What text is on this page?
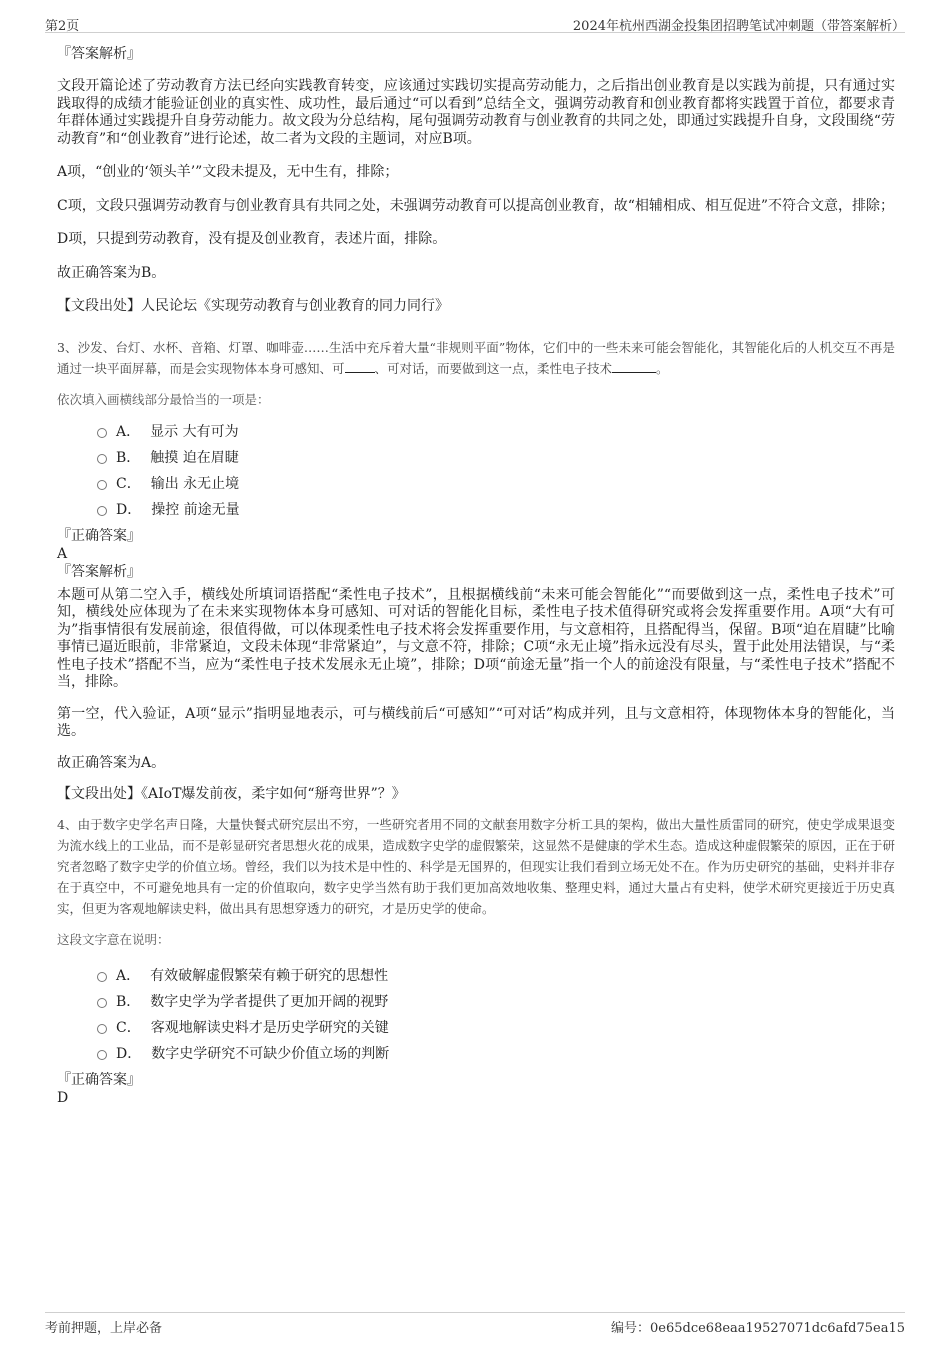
第2页	2024年杭州西湖金投集团招聘笔试冲刺题（带答案解析）

『答案解析』

文段开篇论述了劳动教育方法已经向实践教育转变，应该通过实践切实提高劳动能力，之后指出创业教育是以实践为前提，只有通过实践取得的成绩才能验证创业的真实性、成功性，最后通过“可以看到”总结全文，强调劳动教育和创业教育都将实践置于首位，都要求青年群体通过实践提升自身劳动能力。故文段为分总结构，尾句强调劳动教育与创业教育的共同之处，即通过实践提升自身，文段围绕“劳动教育”和“创业教育”进行论述，故二者为文段的主题词，对应B项。

A项，“创业的‘领头羊’”文段未提及，无中生有，排除；

C项，文段只强调劳动教育与创业教育具有共同之处，未强调劳动教育可以提高创业教育，故“相辅相成、相互促进”不符合文意，排除；

D项，只提到劳动教育，没有提及创业教育，表述片面，排除。

故正确答案为B。

【文段出处】人民论坛《实现劳动教育与创业教育的同力同行》

3、沙发、台灯、水杯、音箱、灯罩、咖啡壶……生活中充斥着大量“非规则平面”物体，它们中的一些未来可能会智能化，其智能化后的人机交互不再是通过一块平面屏幕，而是会实现物体本身可感知、可 、可对话，而要做到这一点，柔性电子技术	。

依次填入画横线部分最恰当的一项是：

A． 显示 大有可为
B． 触摸 迫在眉睫
C． 输出 永无止境
D． 操控 前途无量

『正确答案』

A

『答案解析』

本题可从第二空入手，横线处所填词语搭配“柔性电子技术”，且根据横线前“未来可能会智能化”“而要做到这一点，柔性电子技术”可知，横线处应体现为了在未来实现物体本身可感知、可对话的智能化目标，柔性电子技术值得研究或将会发挥重要作用。A项“大有可为”指事情很有发展前途，很值得做，可以体现柔性电子技术将会发挥重要作用，与文意相符，且搭配得当，保留。B项“迫在眉睫”比喻事情已逼近眼前，非常紧迫，文段未体现“非常紧迫”，与文意不符，排除；C项“永无止境”指永远没有尽头，置于此处用法错误，与“柔性电子技术”搭配不当，应为“柔性电子技术发展永无止境”，排除；D项“前途无量”指一个人的前途没有限量，与“柔性电子技术”搭配不当，排除。

第一空，代入验证，A项“显示”指明显地表示，可与横线前后“可感知”“可对话”构成并列，且与文意相符，体现物体本身的智能化，当选。

故正确答案为A。

【文段出处】《AIoT爆发前夜，柔宇如何“掰弯世界”？》

4、由于数字史学名声日隆，大量快餐式研究层出不穷，一些研究者用不同的文献套用数字分析工具的架构，做出大量性质雷同的研究，使史学成果退变为流水线上的工业品，而不是彰显研究者思想火花的成果，造成数字史学的虚假繁荣，这显然不是健康的学术生态。造成这种虚假繁荣的原因，正在于研究者忽略了数字史学的价值立场。曾经，我们以为技术是中性的、科学是无国界的，但现实让我们看到立场无处不在。作为历史研究的基础，史料并非存在于真空中，不可避免地具有一定的价值取向，数字史学当然有助于我们更加高效地收集、整理史料，通过大量占有史料，使学术研究更接近于历史真实，但更为客观地解读史料，做出具有思想穿透力的研究，才是历史学的使命。

这段文字意在说明：

A． 有效破解虚假繁荣有赖于研究的思想性
B． 数字史学为学者提供了更加开阔的视野
C． 客观地解读史料才是历史学研究的关键
D． 数字史学研究不可缺少价值立场的判断

『正确答案』

D

考前押题，上岸必备	编号：0e65dce68eaa19527071dc6afd75ea15
